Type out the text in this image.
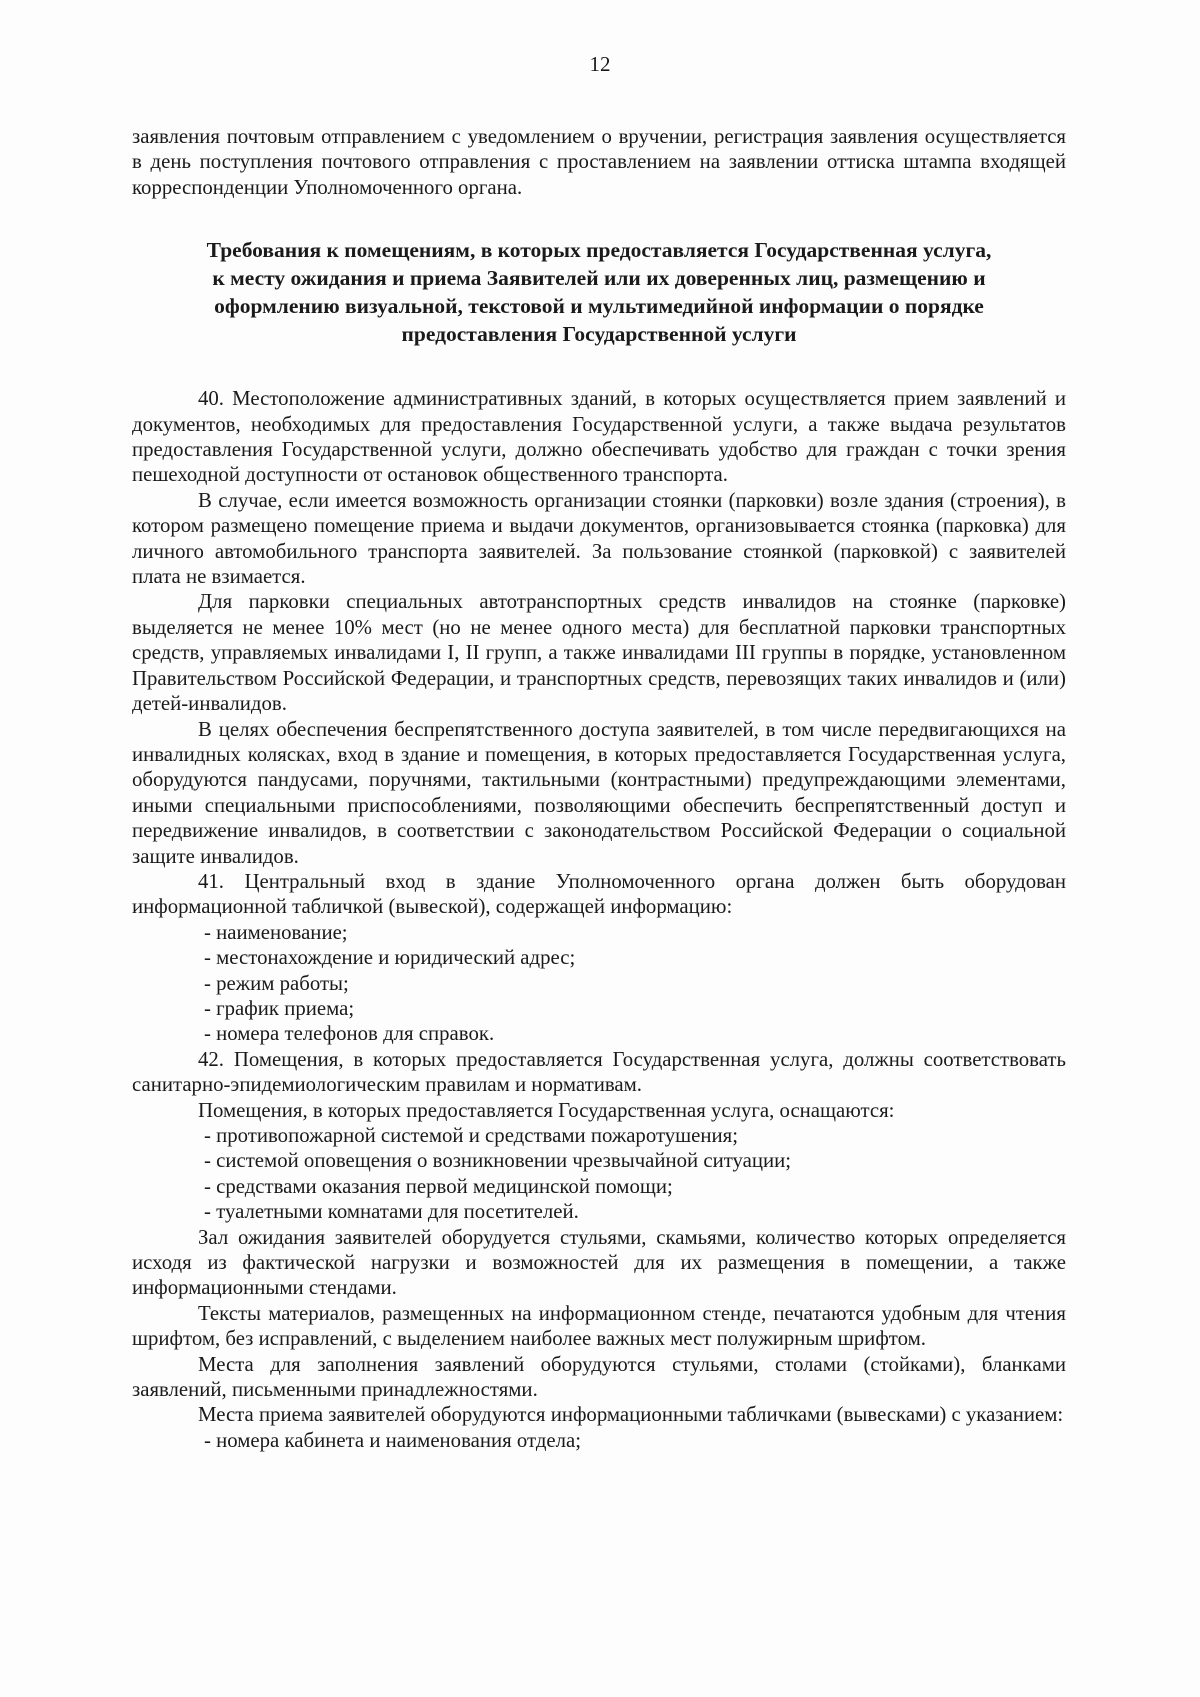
12

заявления почтовым отправлением с уведомлением о вручении, регистрация заявления осуществляется в день поступления почтового отправления с проставлением на заявлении оттиска штампа входящей корреспонденции Уполномоченного органа.

Требования к помещениям, в которых предоставляется Государственная услуга,
к месту ожидания и приема Заявителей или их доверенных лиц, размещению и
оформлению визуальной, текстовой и мультимедийной информации о порядке
предоставления Государственной услуги

40. Местоположение административных зданий, в которых осуществляется прием заявлений и документов, необходимых для предоставления Государственной услуги, а также выдача результатов предоставления Государственной услуги, должно обеспечивать удобство для граждан с точки зрения пешеходной доступности от остановок общественного транспорта.

В случае, если имеется возможность организации стоянки (парковки) возле здания (строения), в котором размещено помещение приема и выдачи документов, организовывается стоянка (парковка) для личного автомобильного транспорта заявителей. За пользование стоянкой (парковкой) с заявителей плата не взимается.

Для парковки специальных автотранспортных средств инвалидов на стоянке (парковке) выделяется не менее 10% мест (но не менее одного места) для бесплатной парковки транспортных средств, управляемых инвалидами I, II групп, а также инвалидами III группы в порядке, установленном Правительством Российской Федерации, и транспортных средств, перевозящих таких инвалидов и (или) детей-инвалидов.

В целях обеспечения беспрепятственного доступа заявителей, в том числе передвигающихся на инвалидных колясках, вход в здание и помещения, в которых предоставляется Государственная услуга, оборудуются пандусами, поручнями, тактильными (контрастными) предупреждающими элементами, иными специальными приспособлениями, позволяющими обеспечить беспрепятственный доступ и передвижение инвалидов, в соответствии с законодательством Российской Федерации о социальной защите инвалидов.

41. Центральный вход в здание Уполномоченного органа должен быть оборудован информационной табличкой (вывеской), содержащей информацию:

- наименование;

- местонахождение и юридический адрес;

- режим работы;

- график приема;

- номера телефонов для справок.

42. Помещения, в которых предоставляется Государственная услуга, должны соответствовать санитарно-эпидемиологическим правилам и нормативам.

Помещения, в которых предоставляется Государственная услуга, оснащаются:

- противопожарной системой и средствами пожаротушения;

- системой оповещения о возникновении чрезвычайной ситуации;

- средствами оказания первой медицинской помощи;

- туалетными комнатами для посетителей.

Зал ожидания заявителей оборудуется стульями, скамьями, количество которых определяется исходя из фактической нагрузки и возможностей для их размещения в помещении, а также информационными стендами.

Тексты материалов, размещенных на информационном стенде, печатаются удобным для чтения шрифтом, без исправлений, с выделением наиболее важных мест полужирным шрифтом.

Места для заполнения заявлений оборудуются стульями, столами (стойками), бланками заявлений, письменными принадлежностями.

Места приема заявителей оборудуются информационными табличками (вывесками) с указанием:

- номера кабинета и наименования отдела;
